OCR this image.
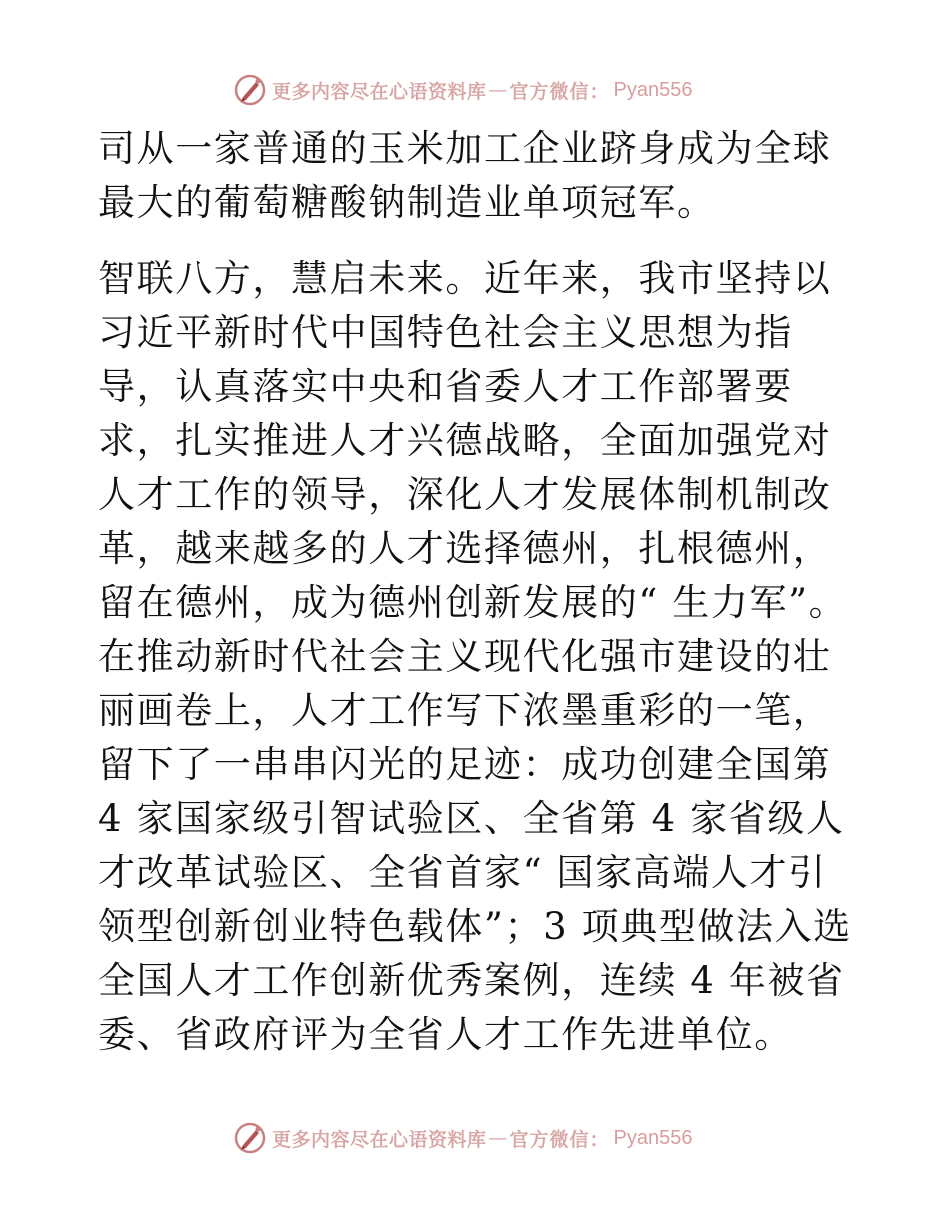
更多内容尽在心语资料库 — 官方微信： Pyan556

司从一家普通的玉米加工企业跻身成为全球最大的葡萄糖酸钠制造业单项冠军。

智联八方，慧启未来。近年来，我市坚持以习近平新时代中国特色社会主义思想为指导，认真落实中央和省委人才工作部署要求，扎实推进人才兴德战略，全面加强党对人才工作的领导，深化人才发展体制机制改革，越来越多的人才选择德州，扎根德州，留在德州，成为德州创新发展的“ 生力军”。在推动新时代社会主义现代化强市建设的壮丽画卷上，人才工作写下浓墨重彩的一笔，留下了一串串闪光的足迹：成功创建全国第 4 家国家级引智试验区、全省第 4 家省级人才改革试验区、全省首家“ 国家高端人才引领型创新创业特色载体”；3 项典型做法入选全国人才工作创新优秀案例，连续 4 年被省委、省政府评为全省人才工作先进单位。

更多内容尽在心语资料库 — 官方微信： Pyan556
